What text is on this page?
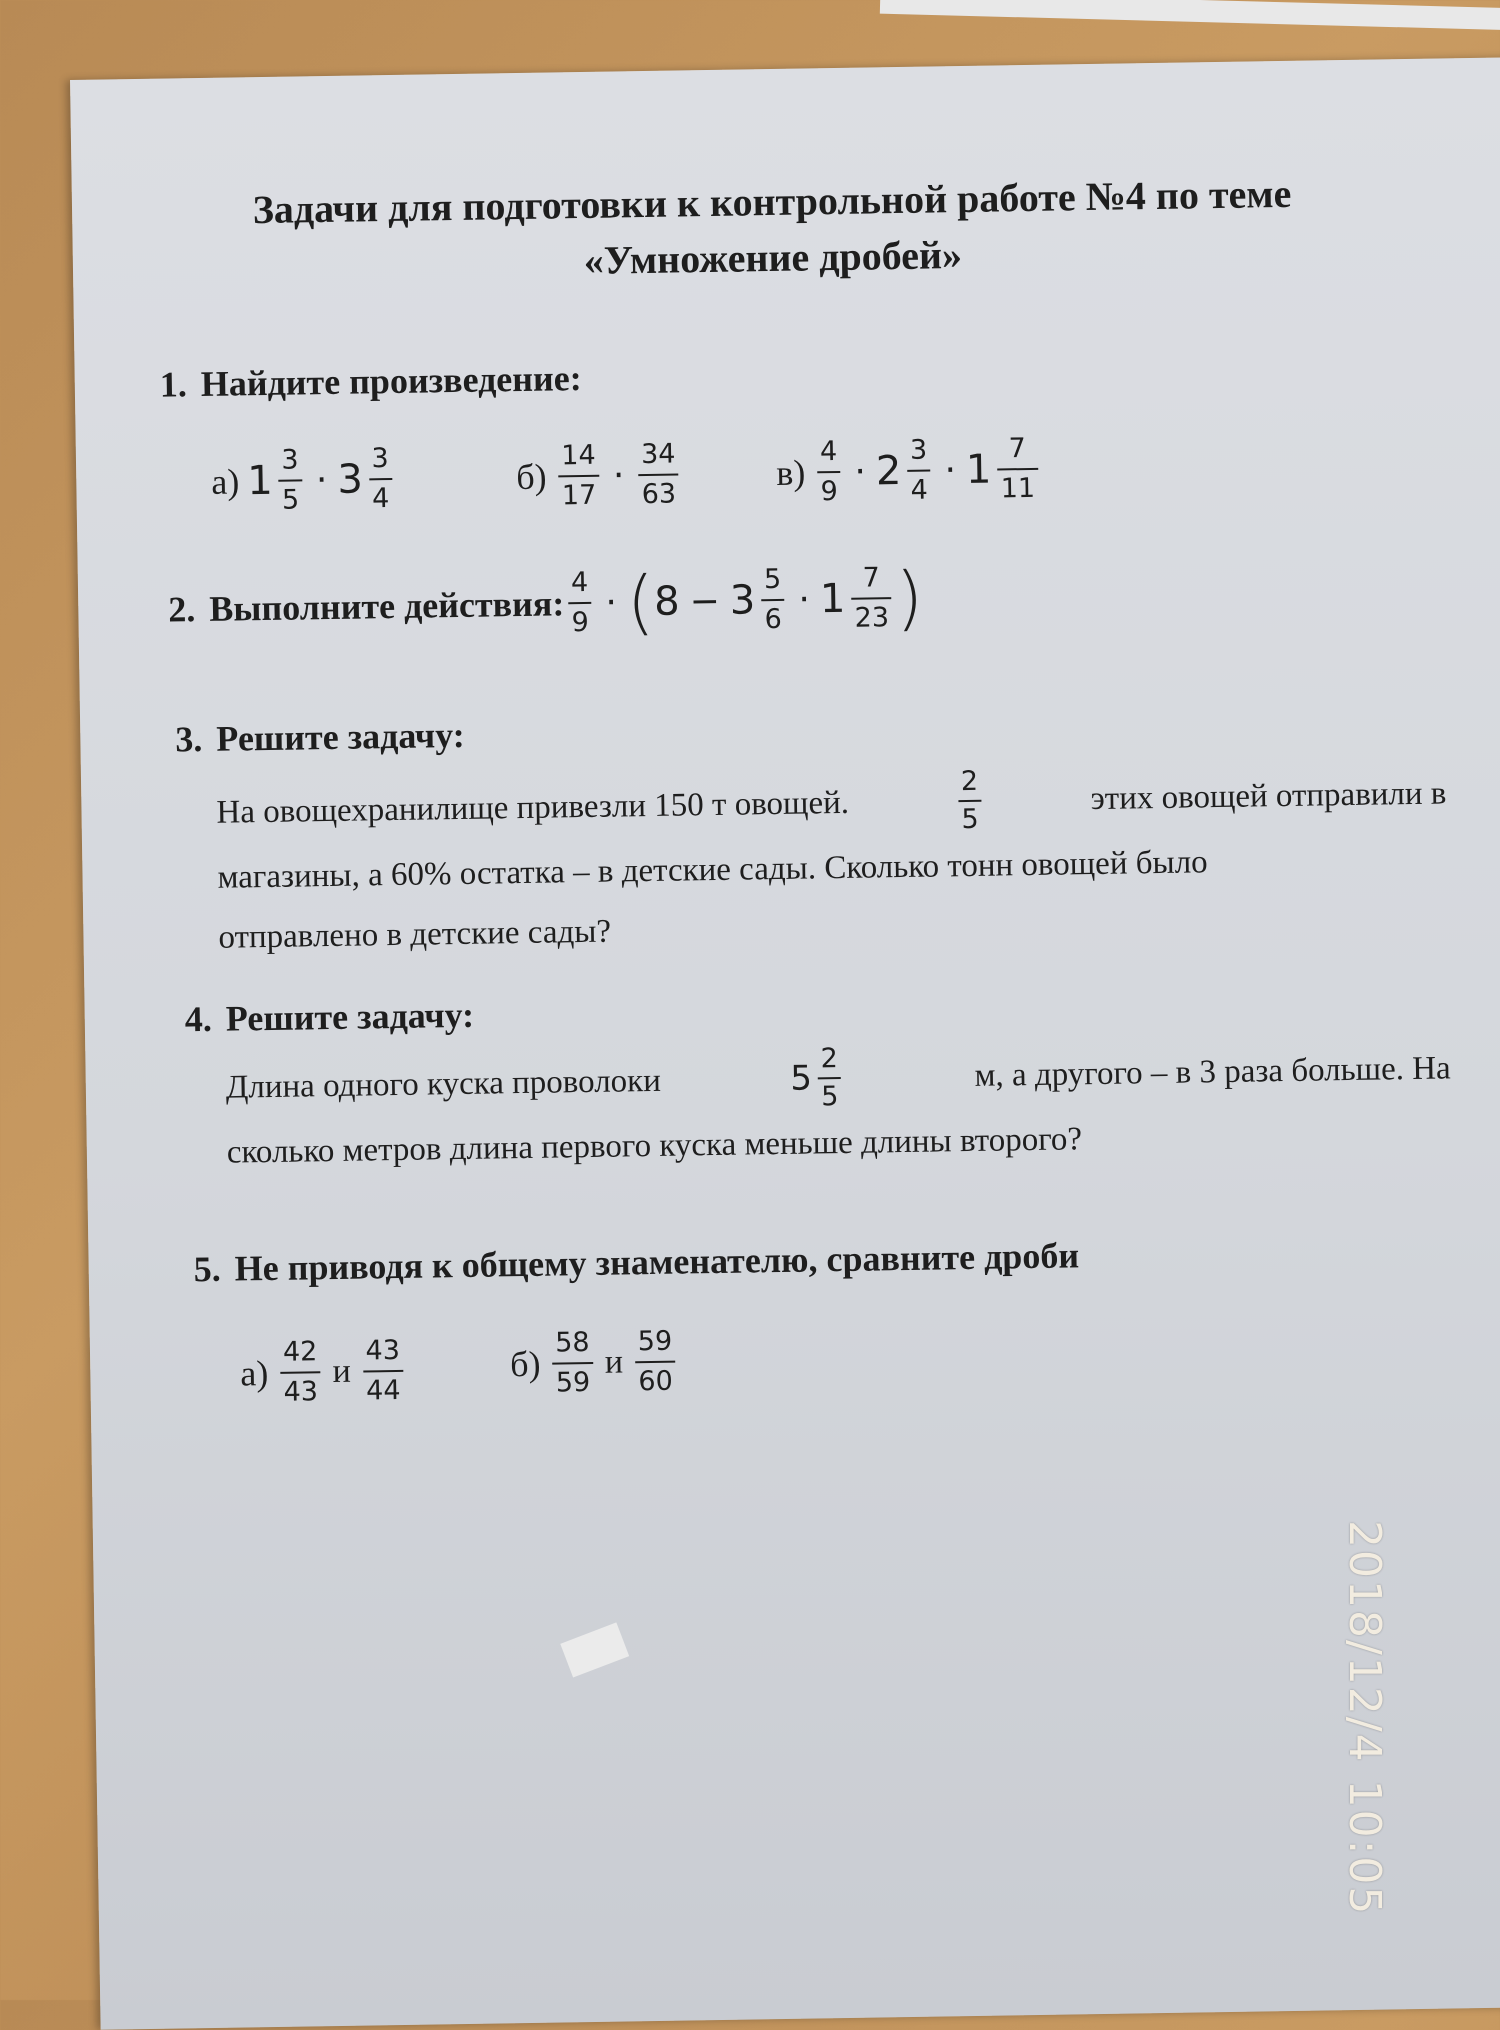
Задачи для подготовки к контрольной работе №4 по теме
«Умножение дробей»
1. Найдите произведение:
а) $1 \frac{3}{5} \cdot 3 \frac{3}{4}$	$б) \frac{14}{17} \cdot \frac{34}{63}$	$в) \frac{4}{9} \cdot 2 \frac{3}{4} \cdot 1 \frac{7}{11}$
2. Выполните действия: $\frac{4}{9}$ · (
$8 - 3 \frac{5}{6} \cdot 1 \frac{7}{23}$ )
3. Решите задачу:
На овощехранилище привезли 150 т овощей.	$\frac{2}{5}$	этих овощей отправили в
магазины, а 60% остатка – в детские сады. Сколько тонн овощей было
отправлено в детские сады?
4. Решите задачу:
Длина одного куска проволоки	$5 \frac{2}{5}$	м, а другого – в 3 раза больше. На
сколько метров длина первого куска меньше длины второго?
5. Не приводя к общему знаменателю, сравните дроби
$а) \frac{42}{43}$ и $\frac{43}{44}$	$б) \frac{58}{59}$ и $\frac{59}{60}$
2018/12/4 10:05
